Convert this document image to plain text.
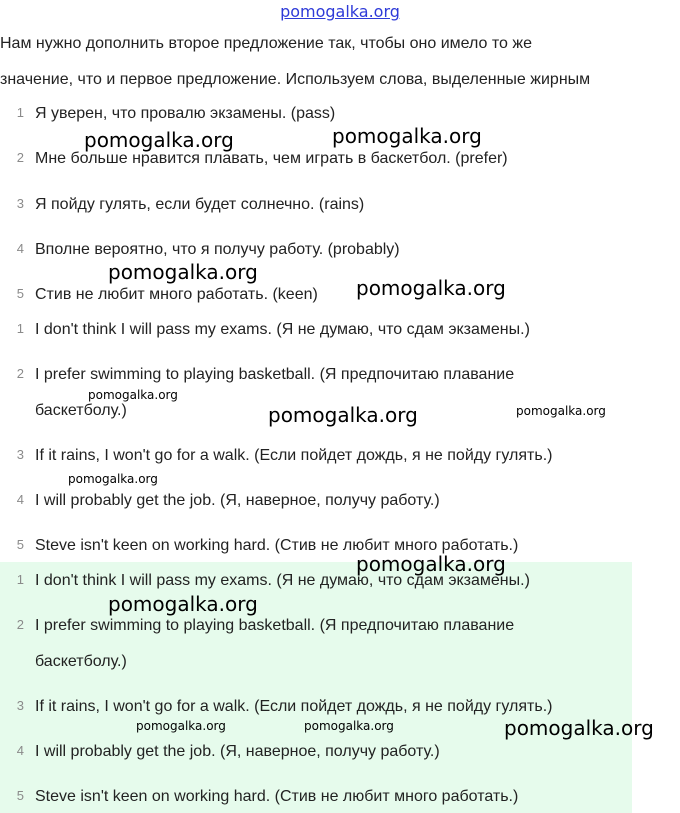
pomogalka.org
Нам нужно дополнить второе предложение так, чтобы оно имело то же
значение, что и первое предложение. Используем слова, выделенные жирным
1 Я уверен, что провалю экзамены. (pass)
2 Мне больше нравится плавать, чем играть в баскетбол. (prefer)
3 Я пойду гулять, если будет солнечно. (rains)
4 Вполне вероятно, что я получу работу. (probably)
5 Стив не любит много работать. (keen)
1 I don't think I will pass my exams. (Я не думаю, что сдам экзамены.)
2 I prefer swimming to playing basketball. (Я предпочитаю плавание
баскетболу.)
3 If it rains, I won't go for a walk. (Если пойдет дождь, я не пойду гулять.)
4 I will probably get the job. (Я, наверное, получу работу.)
5 Steve isn't keen on working hard. (Стив не любит много работать.)
1 I don't think I will pass my exams. (Я не думаю, что сдам экзамены.)
2 I prefer swimming to playing basketball. (Я предпочитаю плавание
баскетболу.)
3 If it rains, I won't go for a walk. (Если пойдет дождь, я не пойду гулять.)
4 I will probably get the job. (Я, наверное, получу работу.)
5 Steve isn't keen on working hard. (Стив не любит много работать.)
pomogalka.org	pomogalka.org
pomogalka.org
pomogalka.org
pomogalka.org
pomogalka.org	pomogalka.org
pomogalka.org
pomogalka.org
pomogalka.org
pomogalka.org	pomogalka.org	pomogalka.org
